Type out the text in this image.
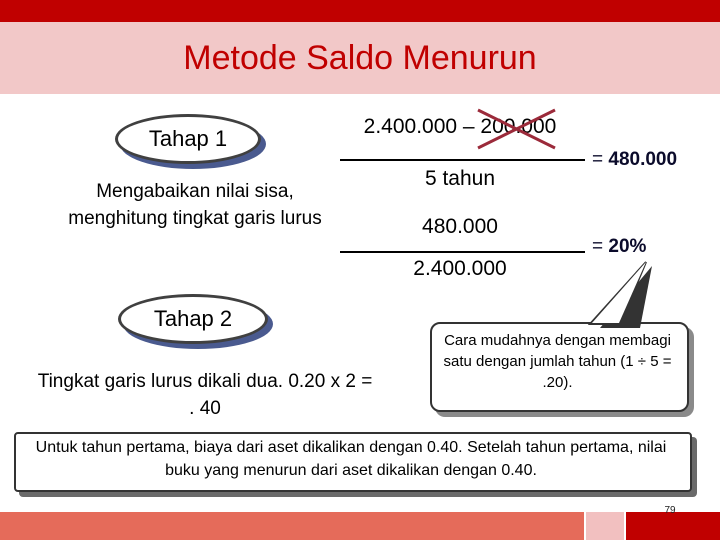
Metode Saldo Menurun
Tahap 1
Mengabaikan nilai sisa, menghitung tingkat garis lurus
Tahap 2
Tingkat garis lurus dikali dua. 0.20 x 2 = . 40
2.400.000 – 200.000
5 tahun
= 480.000
480.000
2.400.000
= 20%
Cara mudahnya dengan membagi satu dengan jumlah tahun (1 ÷ 5 = .20).
Untuk tahun pertama, biaya dari aset dikalikan dengan 0.40. Setelah tahun pertama, nilai buku yang menurun dari aset dikalikan dengan 0.40.
79
